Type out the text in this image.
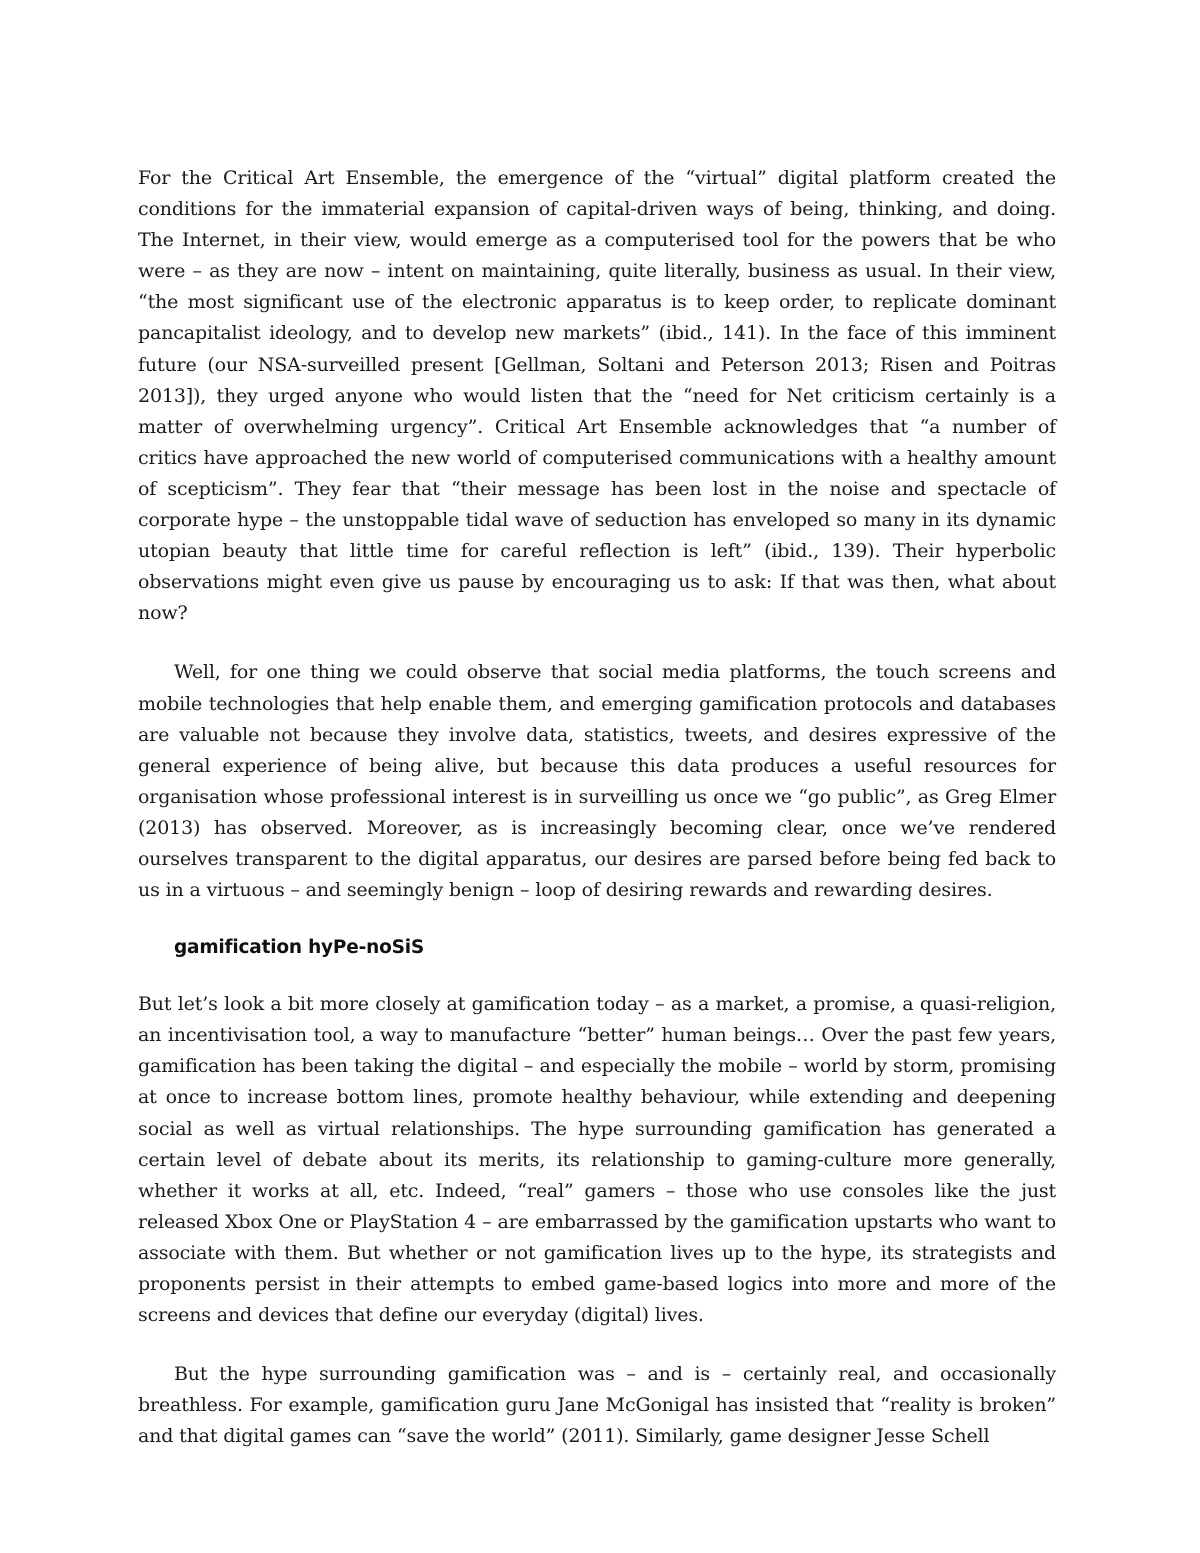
For the Critical Art Ensemble, the emergence of the “virtual” digital platform created the conditions for the immaterial expansion of capital-driven ways of being, thinking, and doing. The Internet, in their view, would emerge as a computerised tool for the powers that be who were – as they are now – intent on maintaining, quite literally, business as usual. In their view, “the most significant use of the electronic apparatus is to keep order, to replicate dominant pancapitalist ideology, and to develop new markets” (ibid., 141). In the face of this imminent future (our NSA-surveilled present [Gellman, Soltani and Peterson 2013; Risen and Poitras 2013]), they urged anyone who would listen that the “need for Net criticism certainly is a matter of overwhelming urgency”. Critical Art Ensemble acknowledges that “a number of critics have approached the new world of computerised communications with a healthy amount of scepticism”. They fear that “their message has been lost in the noise and spectacle of corporate hype – the unstoppable tidal wave of seduction has enveloped so many in its dynamic utopian beauty that little time for careful reflection is left” (ibid., 139). Their hyperbolic observations might even give us pause by encouraging us to ask: If that was then, what about now?

Well, for one thing we could observe that social media platforms, the touch screens and mobile technologies that help enable them, and emerging gamification protocols and databases are valuable not because they involve data, statistics, tweets, and desires expressive of the general experience of being alive, but because this data produces a useful resources for organisation whose professional interest is in surveilling us once we “go public”, as Greg Elmer (2013) has observed. Moreover, as is increasingly becoming clear, once we’ve rendered ourselves transparent to the digital apparatus, our desires are parsed before being fed back to us in a virtuous – and seemingly benign – loop of desiring rewards and rewarding desires.

gamification hyPe-noSiS

But let’s look a bit more closely at gamification today – as a market, a promise, a quasi-religion, an incentivisation tool, a way to manufacture “better” human beings… Over the past few years, gamification has been taking the digital – and especially the mobile – world by storm, promising at once to increase bottom lines, promote healthy behaviour, while extending and deepening social as well as virtual relationships. The hype surrounding gamification has generated a certain level of debate about its merits, its relationship to gaming-culture more generally, whether it works at all, etc. Indeed, “real” gamers – those who use consoles like the just released Xbox One or PlayStation 4 – are embarrassed by the gamification upstarts who want to associate with them. But whether or not gamification lives up to the hype, its strategists and proponents persist in their attempts to embed game-based logics into more and more of the screens and devices that define our everyday (digital) lives.

But the hype surrounding gamification was – and is – certainly real, and occasionally breathless. For example, gamification guru Jane McGonigal has insisted that “reality is broken” and that digital games can “save the world” (2011). Similarly, game designer Jesse Schell
